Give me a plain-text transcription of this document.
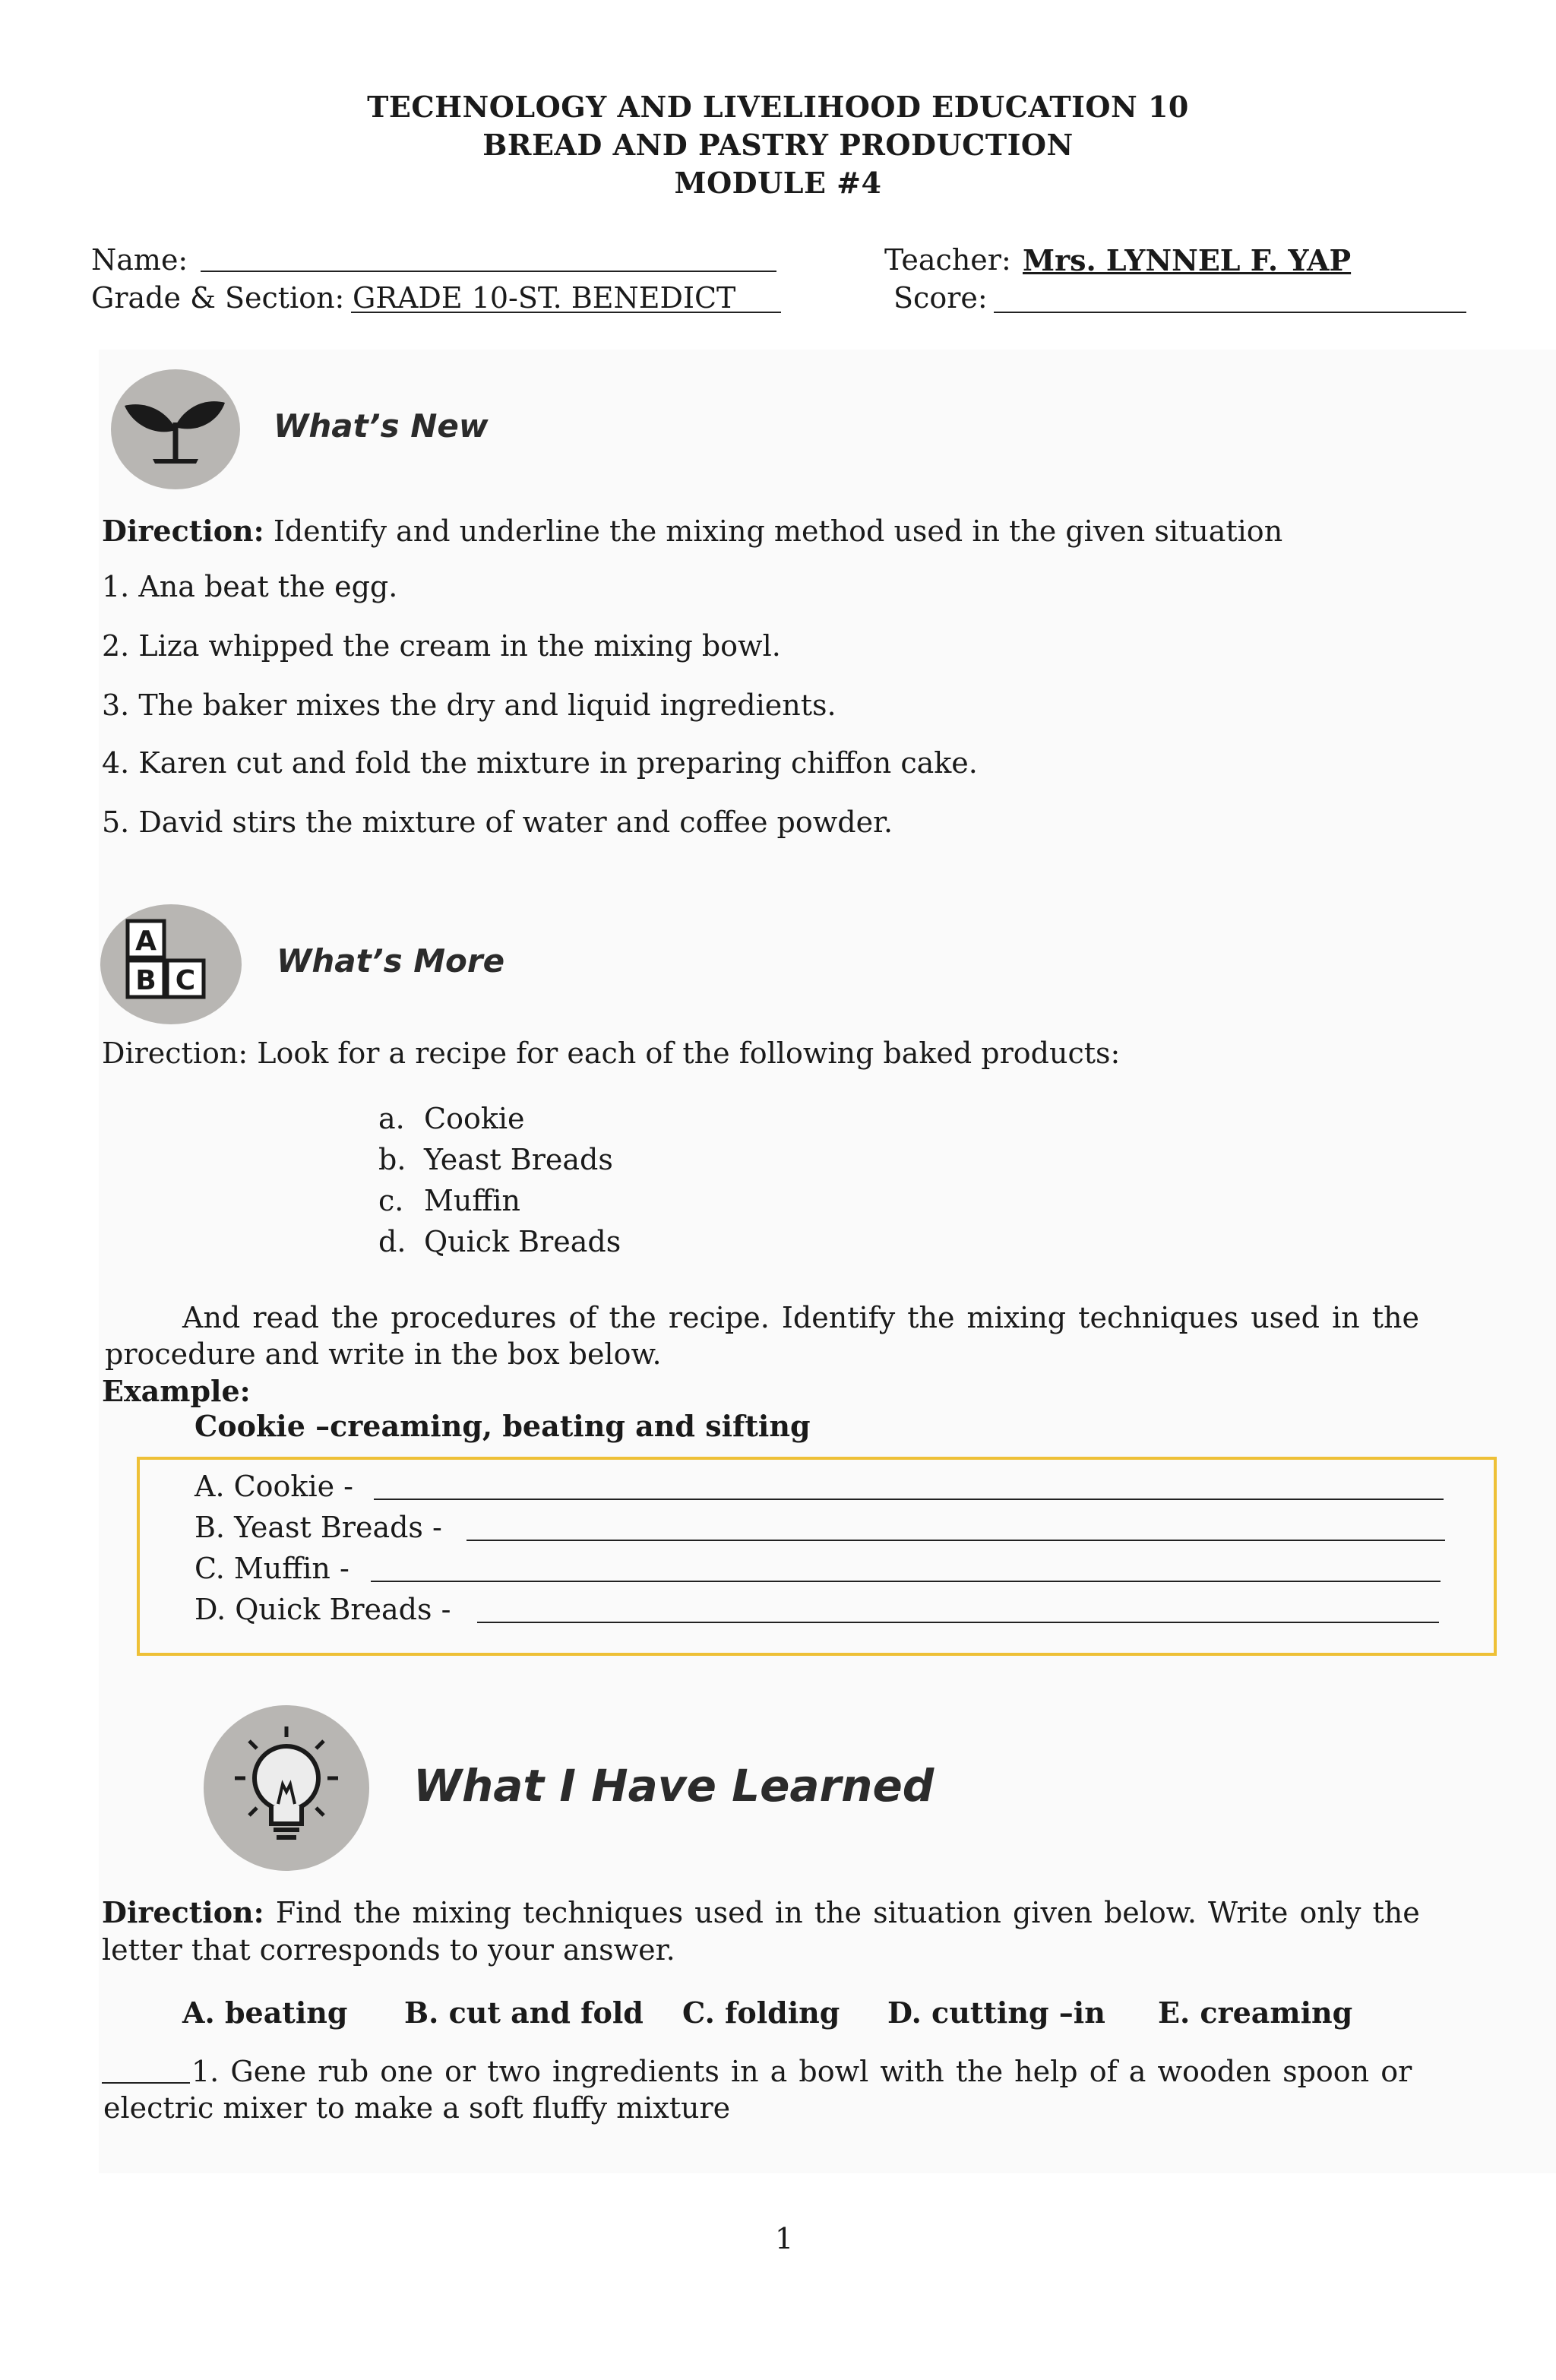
TECHNOLOGY AND LIVELIHOOD EDUCATION 10
BREAD AND PASTRY PRODUCTION
MODULE #4
Name:	Teacher: Mrs. LYNNEL F. YAP
Grade & Section: GRADE 10-ST. BENEDICT	Score:
What’s New
Direction: Identify and underline the mixing method used in the given situation
1. Ana beat the egg.
2. Liza whipped the cream in the mixing bowl.
3. The baker mixes the dry and liquid ingredients.
4. Karen cut and fold the mixture in preparing chiffon cake.
5. David stirs the mixture of water and coffee powder.
A
B C
What’s More
Direction: Look for a recipe for each of the following baked products:
a. Cookie
b. Yeast Breads
c. Muffin
d. Quick Breads
And read the procedures of the recipe. Identify the mixing techniques used in the
procedure and write in the box below.
Example:
Cookie –creaming, beating and sifting
A. Cookie -
B. Yeast Breads -
C. Muffin -
D. Quick Breads -
What I Have Learned
Direction: Find the mixing techniques used in the situation given below. Write only the
letter that corresponds to your answer.
A. beating B. cut and fold C. folding D. cutting –in E. creaming
1. Gene rub one or two ingredients in a bowl with the help of a wooden spoon or
electric mixer to make a soft fluffy mixture
1
